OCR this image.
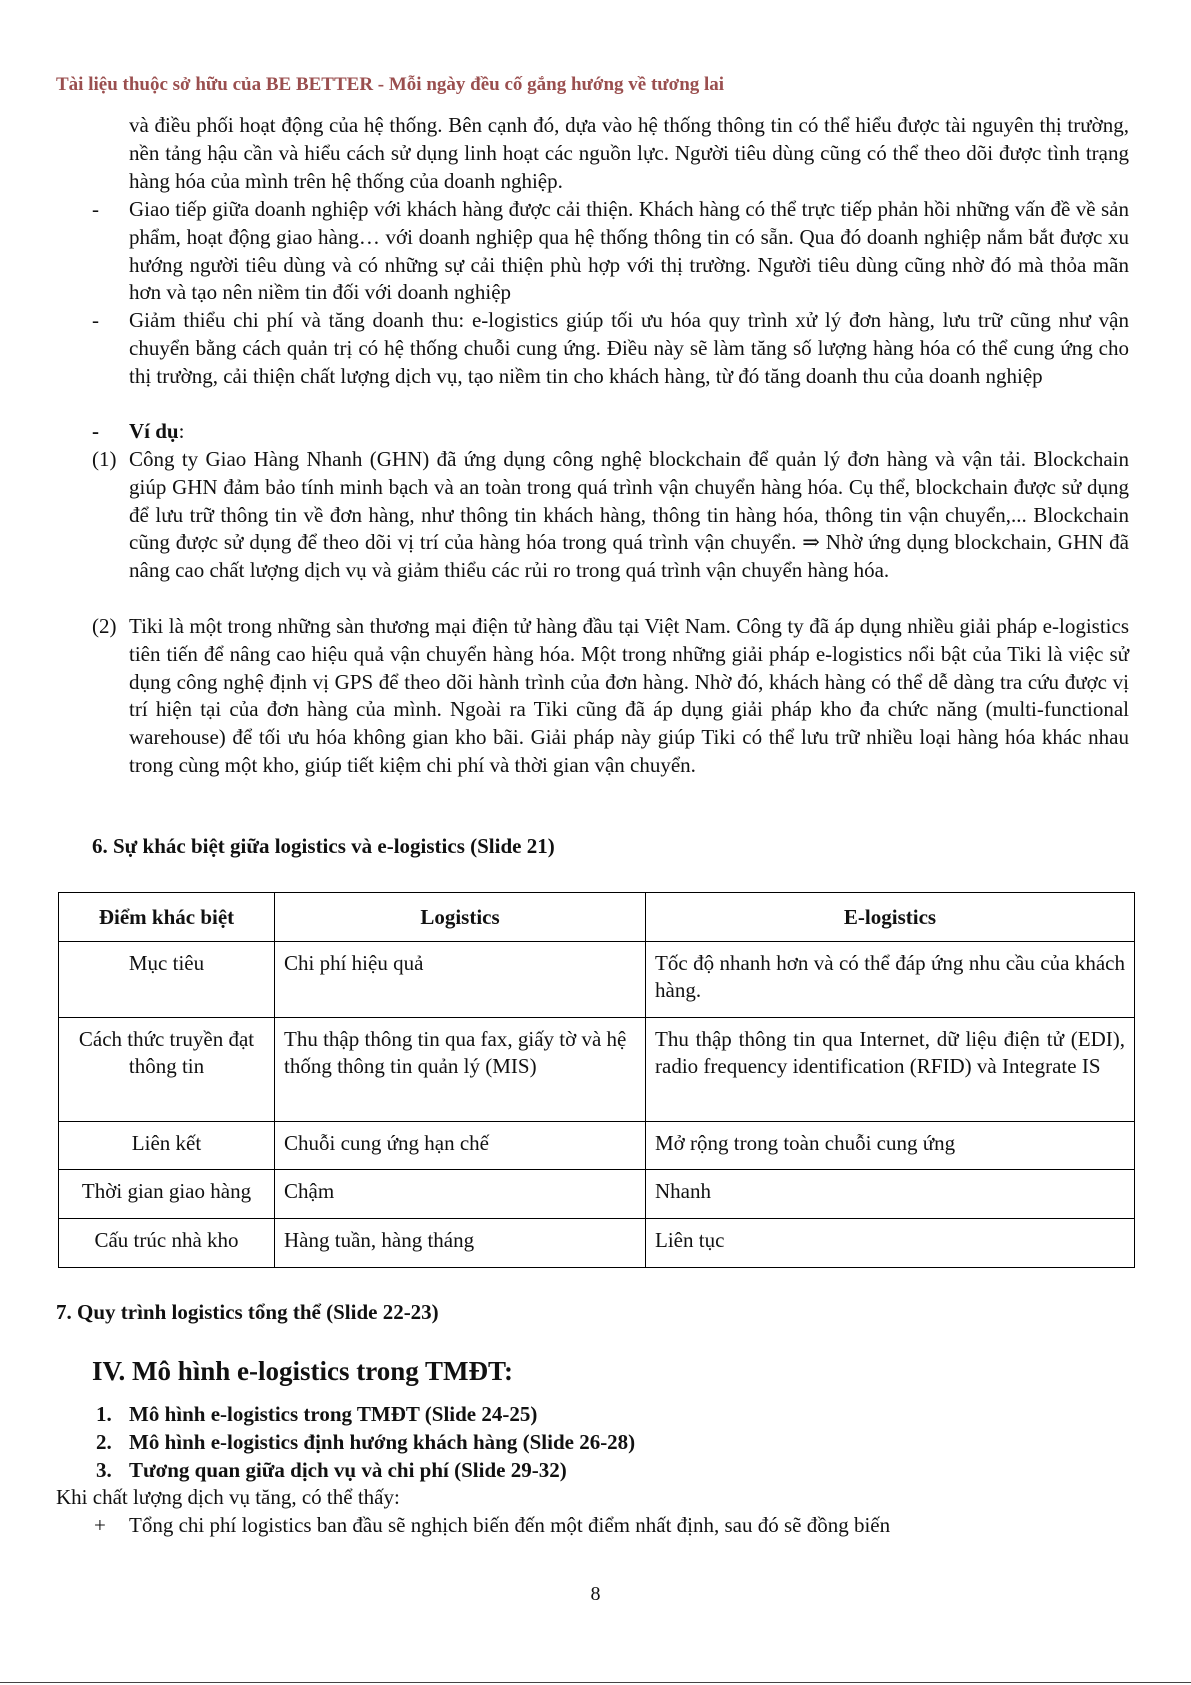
Tài liệu thuộc sở hữu của BE BETTER - Mỗi ngày đều cố gắng hướng về tương lai

và điều phối hoạt động của hệ thống. Bên cạnh đó, dựa vào hệ thống thông tin có thể hiểu được tài nguyên thị trường, nền tảng hậu cần và hiểu cách sử dụng linh hoạt các nguồn lực. Người tiêu dùng cũng có thể theo dõi được tình trạng hàng hóa của mình trên hệ thống của doanh nghiệp.

- Giao tiếp giữa doanh nghiệp với khách hàng được cải thiện. Khách hàng có thể trực tiếp phản hồi những vấn đề về sản phẩm, hoạt động giao hàng… với doanh nghiệp qua hệ thống thông tin có sẵn. Qua đó doanh nghiệp nắm bắt được xu hướng người tiêu dùng và có những sự cải thiện phù hợp với thị trường. Người tiêu dùng cũng nhờ đó mà thỏa mãn hơn và tạo nên niềm tin đối với doanh nghiệp
- Giảm thiểu chi phí và tăng doanh thu: e-logistics giúp tối ưu hóa quy trình xử lý đơn hàng, lưu trữ cũng như vận chuyển bằng cách quản trị có hệ thống chuỗi cung ứng. Điều này sẽ làm tăng số lượng hàng hóa có thể cung ứng cho thị trường, cải thiện chất lượng dịch vụ, tạo niềm tin cho khách hàng, từ đó tăng doanh thu của doanh nghiệp
- Ví dụ:
(1) Công ty Giao Hàng Nhanh (GHN) đã ứng dụng công nghệ blockchain để quản lý đơn hàng và vận tải. Blockchain giúp GHN đảm bảo tính minh bạch và an toàn trong quá trình vận chuyển hàng hóa. Cụ thể, blockchain được sử dụng để lưu trữ thông tin về đơn hàng, như thông tin khách hàng, thông tin hàng hóa, thông tin vận chuyển,... Blockchain cũng được sử dụng để theo dõi vị trí của hàng hóa trong quá trình vận chuyển. ⇒ Nhờ ứng dụng blockchain, GHN đã nâng cao chất lượng dịch vụ và giảm thiểu các rủi ro trong quá trình vận chuyển hàng hóa.
(2) Tiki là một trong những sàn thương mại điện tử hàng đầu tại Việt Nam. Công ty đã áp dụng nhiều giải pháp e-logistics tiên tiến để nâng cao hiệu quả vận chuyển hàng hóa. Một trong những giải pháp e-logistics nổi bật của Tiki là việc sử dụng công nghệ định vị GPS để theo dõi hành trình của đơn hàng. Nhờ đó, khách hàng có thể dễ dàng tra cứu được vị trí hiện tại của đơn hàng của mình. Ngoài ra Tiki cũng đã áp dụng giải pháp kho đa chức năng (multi-functional warehouse) để tối ưu hóa không gian kho bãi. Giải pháp này giúp Tiki có thể lưu trữ nhiều loại hàng hóa khác nhau trong cùng một kho, giúp tiết kiệm chi phí và thời gian vận chuyển.
6. Sự khác biệt giữa logistics và e-logistics (Slide 21)
Điểm khác biệt	Logistics	E-logistics
Mục tiêu	Chi phí hiệu quả	Tốc độ nhanh hơn và có thể đáp ứng nhu cầu của khách hàng.
Cách thức truyền đạt thông tin	Thu thập thông tin qua fax, giấy tờ và hệ thống thông tin quản lý (MIS)	Thu thập thông tin qua Internet, dữ liệu điện tử (EDI), radio frequency identification (RFID) và Integrate IS
Liên kết	Chuỗi cung ứng hạn chế	Mở rộng trong toàn chuỗi cung ứng
Thời gian giao hàng	Chậm	Nhanh
Cấu trúc nhà kho	Hàng tuần, hàng tháng	Liên tục
7. Quy trình logistics tổng thể (Slide 22-23)
IV. Mô hình e-logistics trong TMĐT:
1. Mô hình e-logistics trong TMĐT (Slide 24-25)
2. Mô hình e-logistics định hướng khách hàng (Slide 26-28)
3. Tương quan giữa dịch vụ và chi phí (Slide 29-32)
Khi chất lượng dịch vụ tăng, có thể thấy:
+ Tổng chi phí logistics ban đầu sẽ nghịch biến đến một điểm nhất định, sau đó sẽ đồng biến
8
